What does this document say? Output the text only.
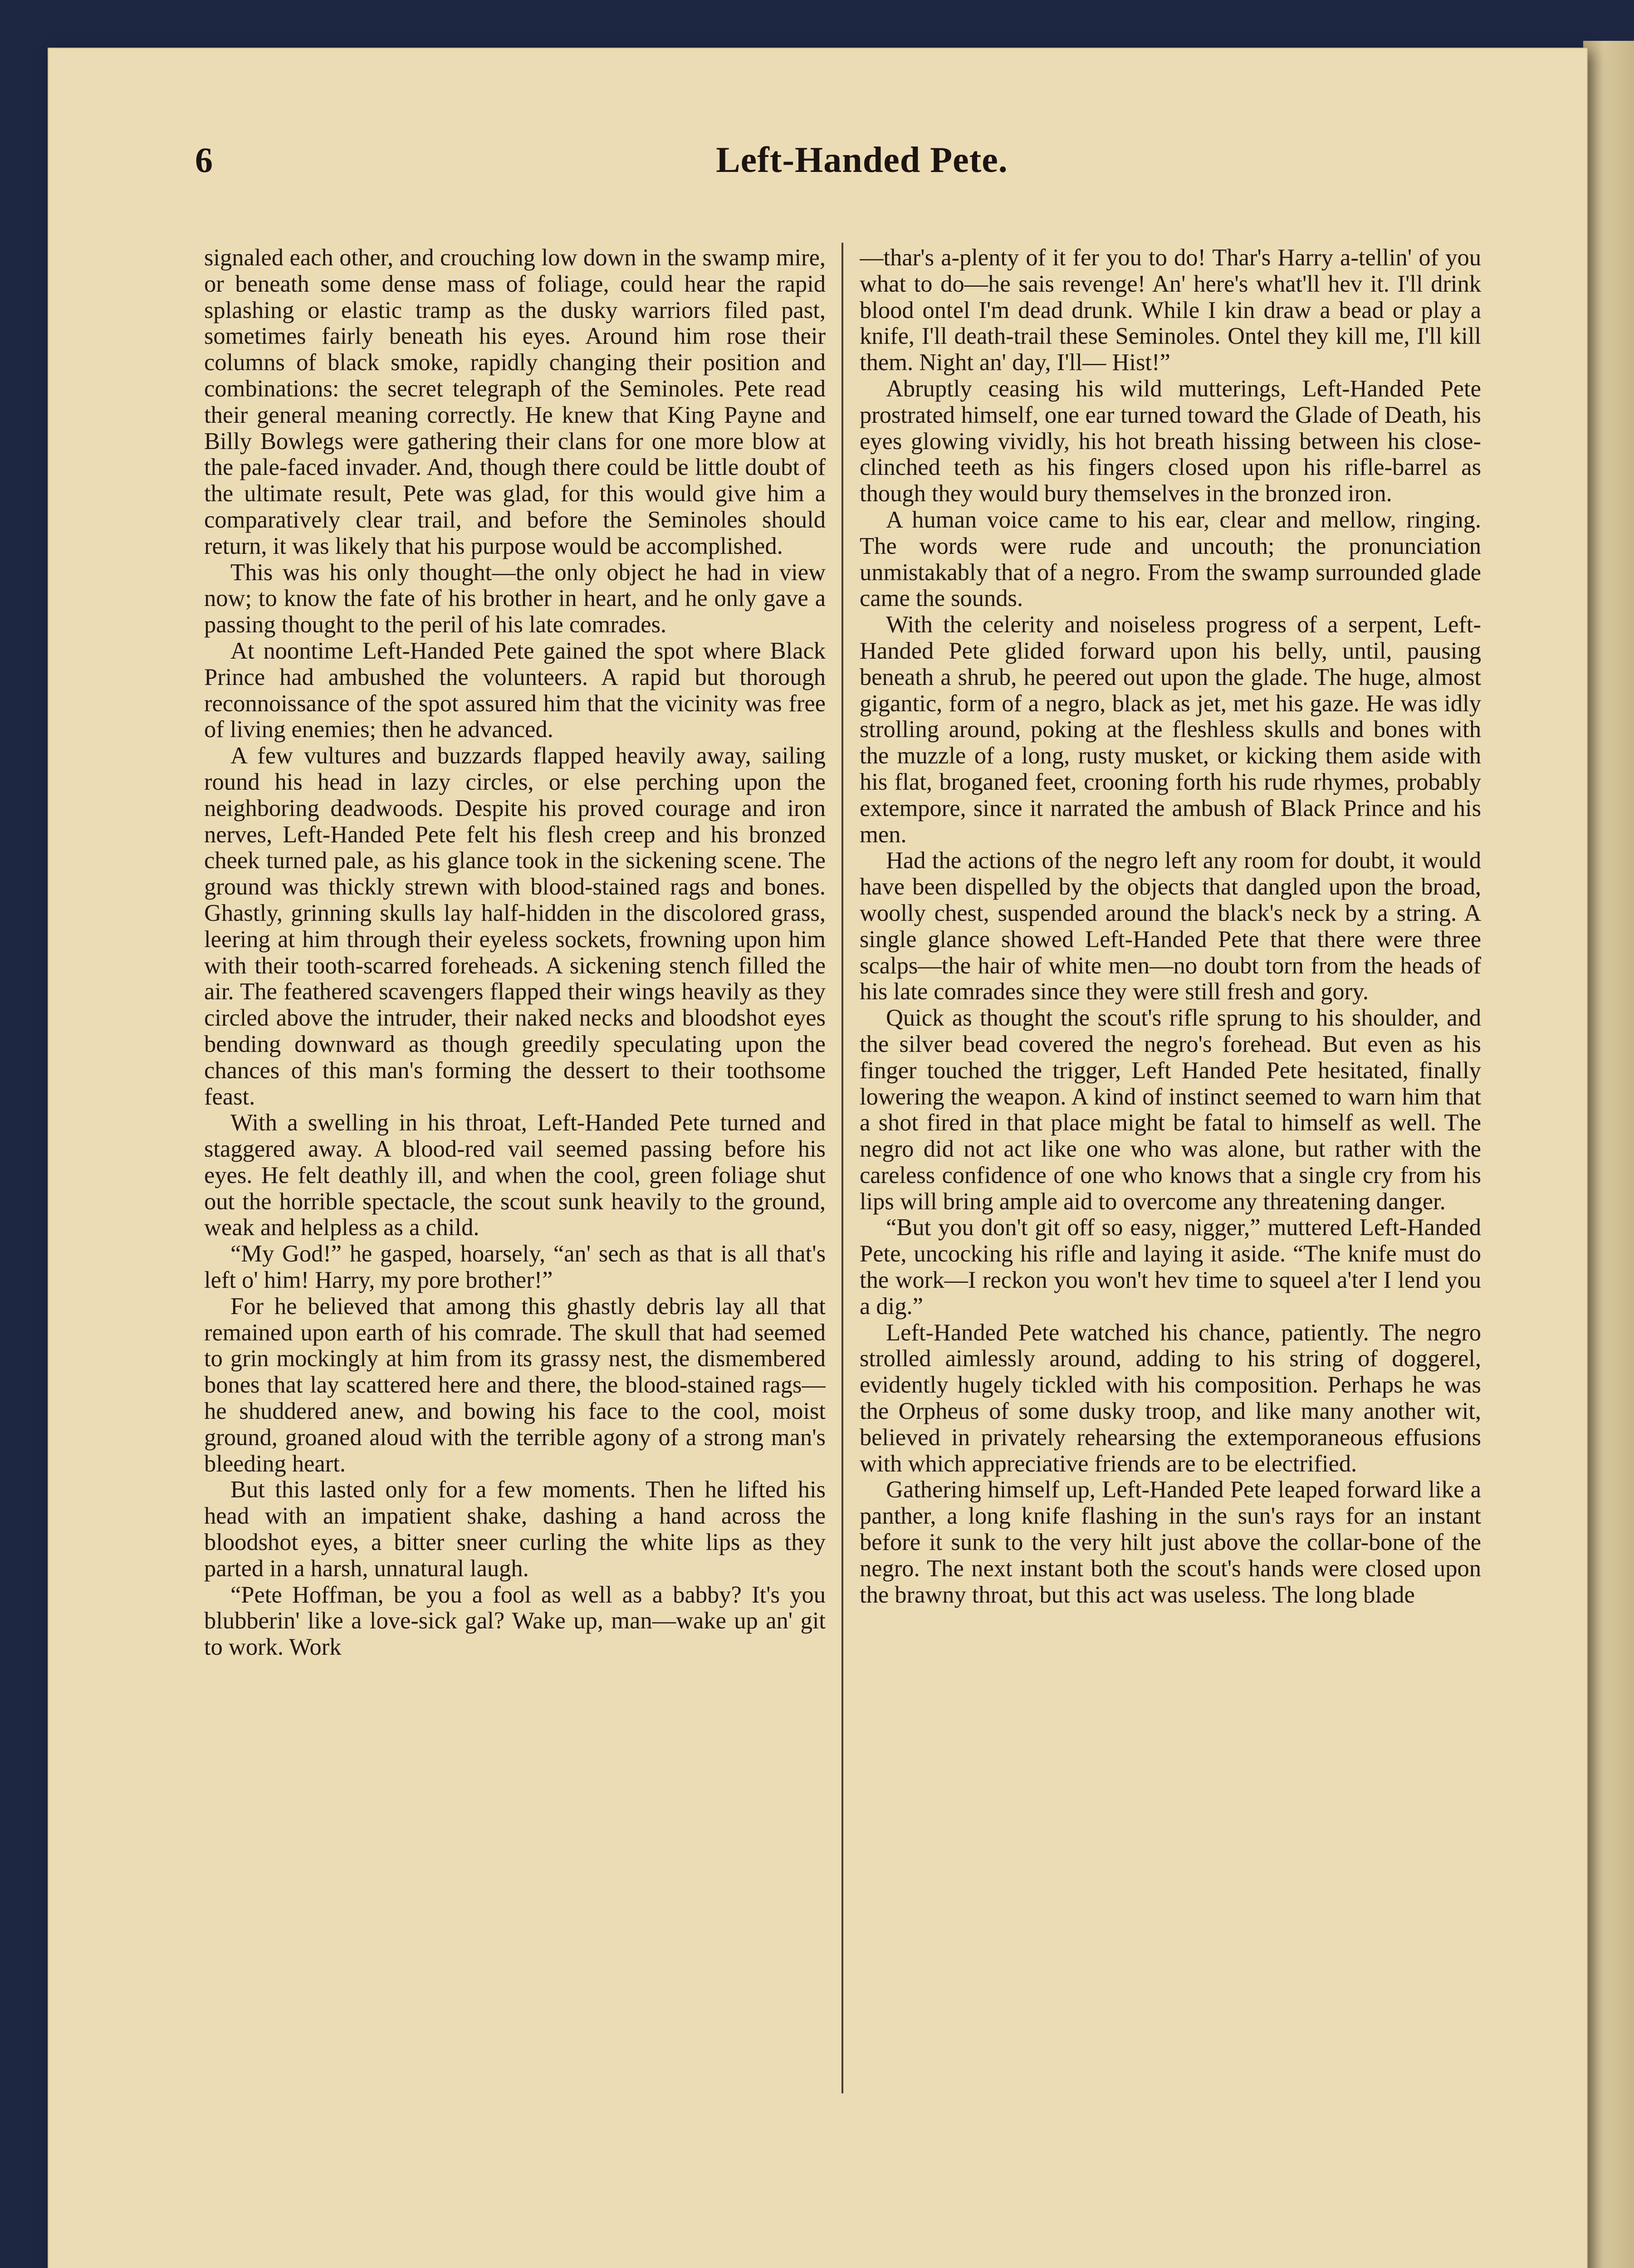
6	Left-Handed Pete.

signaled each other, and crouching low down in the swamp mire, or beneath some dense mass of foliage, could hear the rapid splashing or elastic tramp as the dusky warriors filed past, sometimes fairly beneath his eyes. Around him rose their columns of black smoke, rapidly changing their position and combinations: the secret telegraph of the Seminoles. Pete read their general meaning correctly. He knew that King Payne and Billy Bowlegs were gathering their clans for one more blow at the pale-faced invader. And, though there could be little doubt of the ultimate result, Pete was glad, for this would give him a comparatively clear trail, and before the Seminoles should return, it was likely that his purpose would be accomplished.

This was his only thought—the only object he had in view now; to know the fate of his brother in heart, and he only gave a passing thought to the peril of his late comrades.

At noontime Left-Handed Pete gained the spot where Black Prince had ambushed the volunteers. A rapid but thorough reconnoissance of the spot assured him that the vicinity was free of living enemies; then he advanced.

A few vultures and buzzards flapped heavily away, sailing round his head in lazy circles, or else perching upon the neighboring deadwoods. Despite his proved courage and iron nerves, Left-Handed Pete felt his flesh creep and his bronzed cheek turned pale, as his glance took in the sickening scene. The ground was thickly strewn with blood-stained rags and bones. Ghastly, grinning skulls lay half-hidden in the discolored grass, leering at him through their eyeless sockets, frowning upon him with their tooth-scarred foreheads. A sickening stench filled the air. The feathered scavengers flapped their wings heavily as they circled above the intruder, their naked necks and bloodshot eyes bending downward as though greedily speculating upon the chances of this man's forming the dessert to their toothsome feast.

With a swelling in his throat, Left-Handed Pete turned and staggered away. A blood-red vail seemed passing before his eyes. He felt deathly ill, and when the cool, green foliage shut out the horrible spectacle, the scout sunk heavily to the ground, weak and helpless as a child.

“My God!” he gasped, hoarsely, “an' sech as that is all that's left o' him! Harry, my pore brother!”

For he believed that among this ghastly debris lay all that remained upon earth of his comrade. The skull that had seemed to grin mockingly at him from its grassy nest, the dismembered bones that lay scattered here and there, the blood-stained rags—he shuddered anew, and bowing his face to the cool, moist ground, groaned aloud with the terrible agony of a strong man's bleeding heart.

But this lasted only for a few moments. Then he lifted his head with an impatient shake, dashing a hand across the bloodshot eyes, a bitter sneer curling the white lips as they parted in a harsh, unnatural laugh.

“Pete Hoffman, be you a fool as well as a babby? It's you blubberin' like a love-sick gal? Wake up, man—wake up an' git to work. Work

—thar's a-plenty of it fer you to do! Thar's Harry a-tellin' of you what to do—he sais revenge! An' here's what'll hev it. I'll drink blood ontel I'm dead drunk. While I kin draw a bead or play a knife, I'll death-trail these Seminoles. Ontel they kill me, I'll kill them. Night an' day, I'll— Hist!”

Abruptly ceasing his wild mutterings, Left-Handed Pete prostrated himself, one ear turned toward the Glade of Death, his eyes glowing vividly, his hot breath hissing between his close-clinched teeth as his fingers closed upon his rifle-barrel as though they would bury themselves in the bronzed iron.

A human voice came to his ear, clear and mellow, ringing. The words were rude and uncouth; the pronunciation unmistakably that of a negro. From the swamp surrounded glade came the sounds.

With the celerity and noiseless progress of a serpent, Left-Handed Pete glided forward upon his belly, until, pausing beneath a shrub, he peered out upon the glade. The huge, almost gigantic, form of a negro, black as jet, met his gaze. He was idly strolling around, poking at the fleshless skulls and bones with the muzzle of a long, rusty musket, or kicking them aside with his flat, broganed feet, crooning forth his rude rhymes, probably extempore, since it narrated the ambush of Black Prince and his men.

Had the actions of the negro left any room for doubt, it would have been dispelled by the objects that dangled upon the broad, woolly chest, suspended around the black's neck by a string. A single glance showed Left-Handed Pete that there were three scalps—the hair of white men—no doubt torn from the heads of his late comrades since they were still fresh and gory.

Quick as thought the scout's rifle sprung to his shoulder, and the silver bead covered the negro's forehead. But even as his finger touched the trigger, Left Handed Pete hesitated, finally lowering the weapon. A kind of instinct seemed to warn him that a shot fired in that place might be fatal to himself as well. The negro did not act like one who was alone, but rather with the careless confidence of one who knows that a single cry from his lips will bring ample aid to overcome any threatening danger.

“But you don't git off so easy, nigger,” muttered Left-Handed Pete, uncocking his rifle and laying it aside. “The knife must do the work—I reckon you won't hev time to squeel a'ter I lend you a dig.”

Left-Handed Pete watched his chance, patiently. The negro strolled aimlessly around, adding to his string of doggerel, evidently hugely tickled with his composition. Perhaps he was the Orpheus of some dusky troop, and like many another wit, believed in privately rehearsing the extemporaneous effusions with which appreciative friends are to be electrified.

Gathering himself up, Left-Handed Pete leaped forward like a panther, a long knife flashing in the sun's rays for an instant before it sunk to the very hilt just above the collar-bone of the negro. The next instant both the scout's hands were closed upon the brawny throat, but this act was useless. The long blade
